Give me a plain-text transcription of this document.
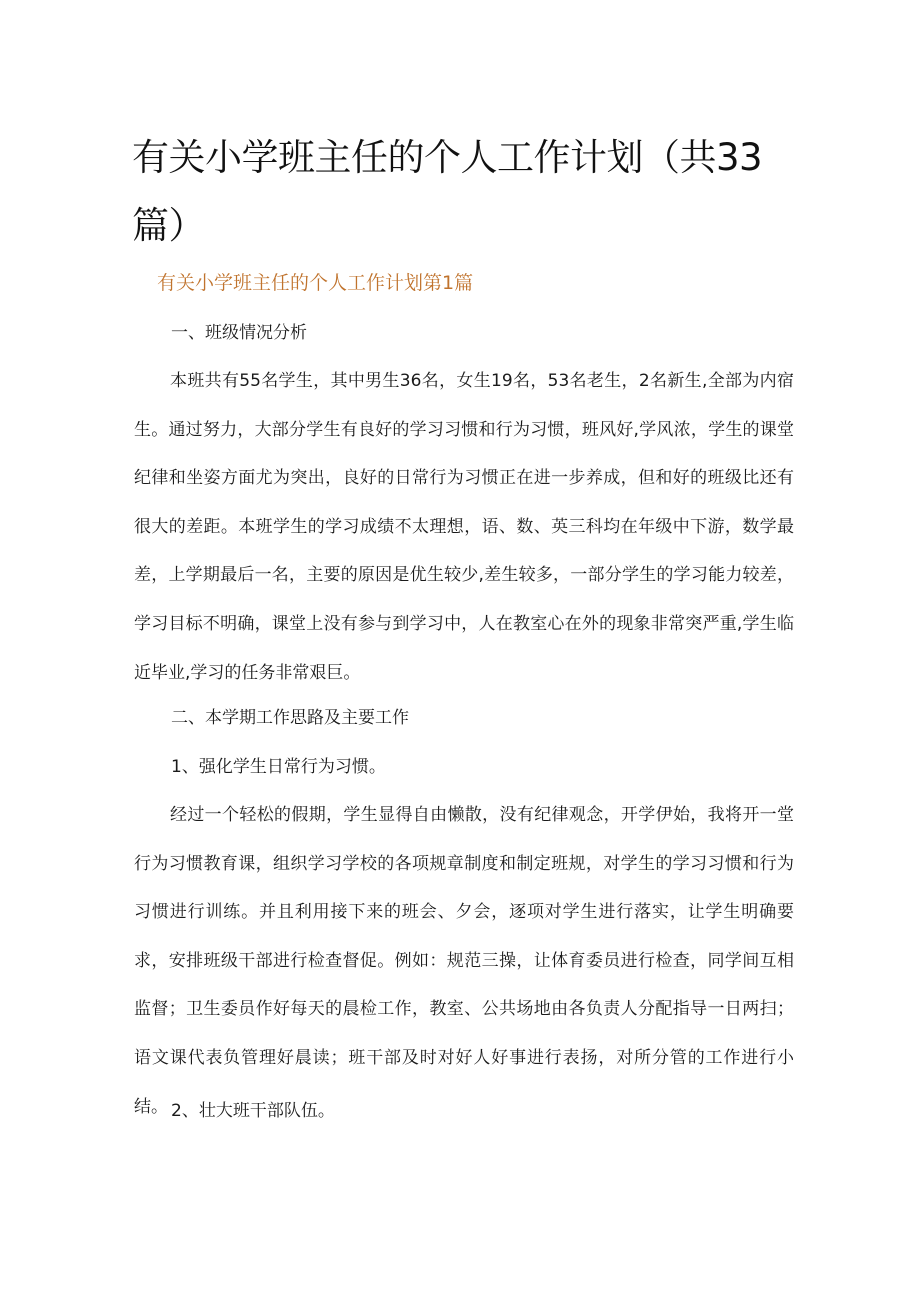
有关小学班主任的个人工作计划（共33篇）
有关小学班主任的个人工作计划第1篇

一、班级情况分析

本班共有55名学生，其中男生36名，女生19名，53名老生，2名新生,全部为内宿生。通过努力，大部分学生有良好的学习习惯和行为习惯，班风好,学风浓，学生的课堂纪律和坐姿方面尤为突出，良好的日常行为习惯正在进一步养成，但和好的班级比还有很大的差距。本班学生的学习成绩不太理想，语、数、英三科均在年级中下游，数学最差，上学期最后一名，主要的原因是优生较少,差生较多，一部分学生的学习能力较差，学习目标不明确，课堂上没有参与到学习中，人在教室心在外的现象非常突严重,学生临近毕业,学习的任务非常艰巨。

二、本学期工作思路及主要工作

1、强化学生日常行为习惯。

经过一个轻松的假期，学生显得自由懒散，没有纪律观念，开学伊始，我将开一堂行为习惯教育课，组织学习学校的各项规章制度和制定班规，对学生的学习习惯和行为习惯进行训练。并且利用接下来的班会、夕会，逐项对学生进行落实，让学生明确要求，安排班级干部进行检查督促。例如：规范三操，让体育委员进行检查，同学间互相监督；卫生委员作好每天的晨检工作，教室、公共场地由各负责人分配指导一日两扫；语文课代表负管理好晨读；班干部及时对好人好事进行表扬，对所分管的工作进行小结。 2、壮大班干部队伍。
